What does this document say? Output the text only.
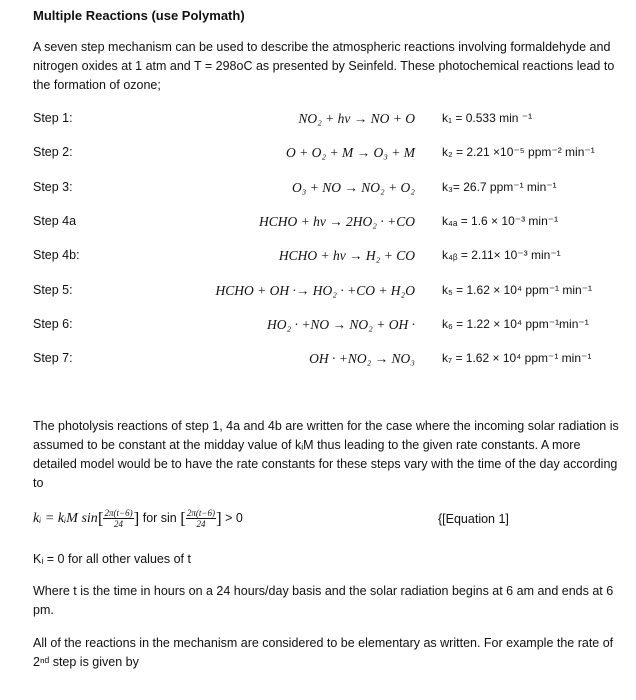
Multiple Reactions (use Polymath)
A seven step mechanism can be used to describe the atmospheric reactions involving formaldehyde and nitrogen oxides at 1 atm and T = 298oC as presented by Seinfeld. These photochemical reactions lead to the formation of ozone;
Step 1:	NO₂ + hν → NO + O k₁ = 0.533 min ⁻¹
Step 2:	O + O₂ + M → O₃ + M k₂ = 2.21 ×10⁻⁵ ppm⁻² min⁻¹
Step 3:	O₃ + NO → NO₂ + O₂ k₃= 26.7 ppm⁻¹ min⁻¹
Step 4a	HCHO + hν → 2HO₂ · +CO k₄ₐ = 1.6 × 10⁻³ min⁻¹
Step 4b:	HCHO + hν → H₂ + CO k₄ᵦ = 2.11× 10⁻³ min⁻¹
Step 5:	HCHO + OH ·→ HO₂ · +CO + H₂O k₅ = 1.62 × 10⁴ ppm⁻¹ min⁻¹
Step 6:	HO₂ · +NO → NO₂ + OH · k₆ = 1.22 × 10⁴ ppm⁻¹min⁻¹
Step 7:	OH · +NO₂ → NO₃ k₇ = 1.62 × 10⁴ ppm⁻¹ min⁻¹
The photolysis reactions of step 1, 4a and 4b are written for the case where the incoming solar radiation is assumed to be constant at the midday value of kᵢM thus leading to the given rate constants. A more detailed model would be to have the rate constants for these steps vary with the time of the day according to
kᵢ = kᵢM $\sin[ \frac{2\pi(t-6)}{24}$ ] for sin [ $\frac{2\pi(t-6)}{24}$ ] > 0	{[Equation 1]
Kᵢ = 0 for all other values of t
Where t is the time in hours on a 24 hours/day basis and the solar radiation begins at 6 am and ends at 6 pm.
All of the reactions in the mechanism are considered to be elementary as written. For example the rate of 2ⁿᵈ step is given by
